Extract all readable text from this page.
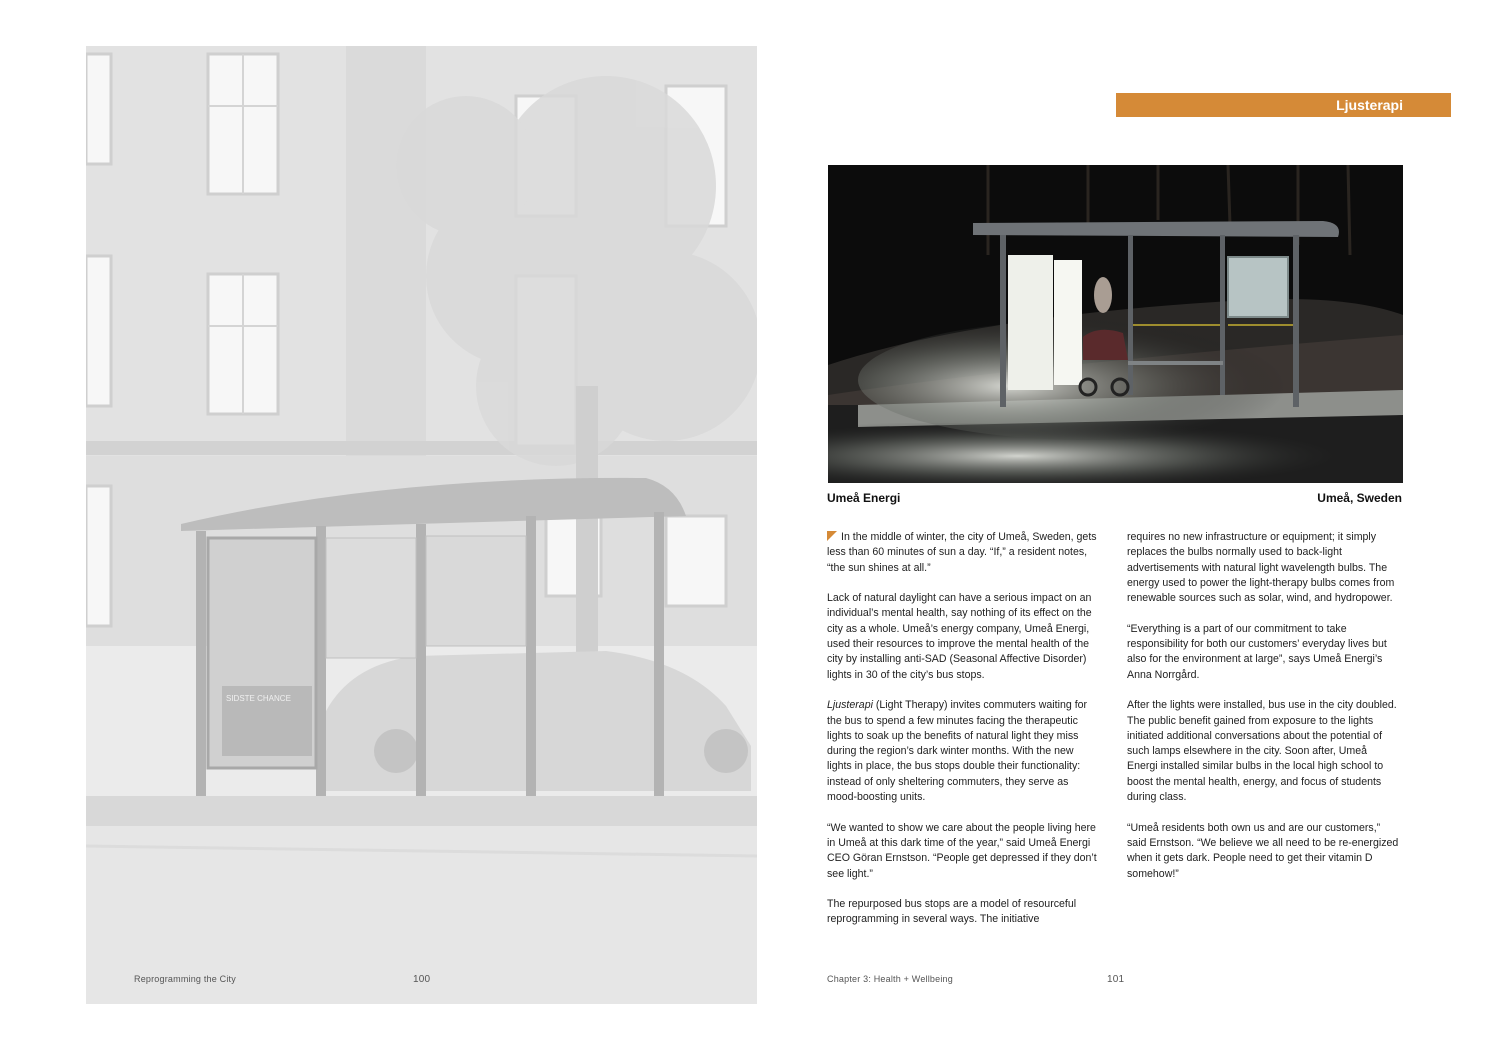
SIDSTE CHANCE
Reprogramming the City	100
Ljusterapi
Umeå Energi	Umeå, Sweden

In the middle of winter, the city of Umeå, Sweden, gets less than 60 minutes of sun a day. “If,” a resident notes, “the sun shines at all.”

Lack of natural daylight can have a serious impact on an individual’s mental health, say nothing of its effect on the city as a whole. Umeå’s energy company, Umeå Energi, used their resources to improve the mental health of the city by installing anti-SAD (Seasonal Affective Disorder) lights in 30 of the city’s bus stops.

Ljusterapi (Light Therapy) invites commuters waiting for the bus to spend a few minutes facing the therapeutic lights to soak up the benefits of natural light they miss during the region’s dark winter months. With the new lights in place, the bus stops double their functionality: instead of only sheltering commuters, they serve as mood-boosting units.

“We wanted to show we care about the people living here in Umeå at this dark time of the year,” said Umeå Energi CEO Göran Ernstson. “People get depressed if they don’t see light.”

The repurposed bus stops are a model of resourceful reprogramming in several ways. The initiative

requires no new infrastructure or equipment; it simply replaces the bulbs normally used to back-light advertisements with natural light wavelength bulbs. The energy used to power the light-therapy bulbs comes from renewable sources such as solar, wind, and hydropower.

“Everything is a part of our commitment to take responsibility for both our customers’ everyday lives but also for the environment at large”, says Umeå Energi’s Anna Norrgård.

After the lights were installed, bus use in the city doubled. The public benefit gained from exposure to the lights initiated additional conversations about the potential of such lamps elsewhere in the city. Soon after, Umeå Energi installed similar bulbs in the local high school to boost the mental health, energy, and focus of students during class.

“Umeå residents both own us and are our customers,” said Ernstson. “We believe we all need to be re-energized when it gets dark. People need to get their vitamin D somehow!”

Chapter 3: Health + Wellbeing	101
